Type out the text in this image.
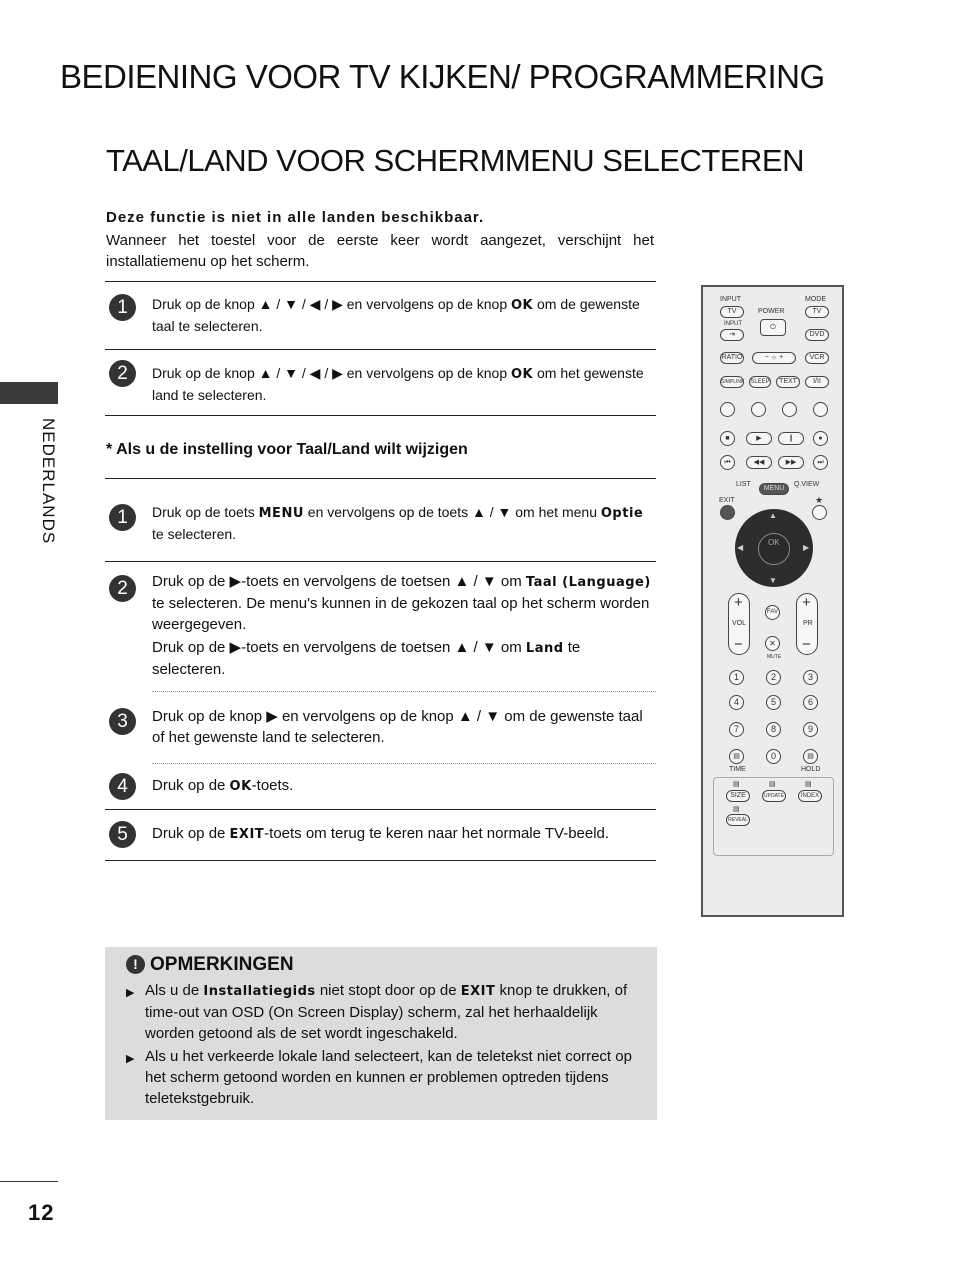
BEDIENING VOOR TV KIJKEN/ PROGRAMMERING
TAAL/LAND VOOR SCHERMMENU SELECTEREN
NEDERLANDS
Deze functie is niet in alle landen beschikbaar.
Wanneer het toestel voor de eerste keer wordt aangezet, verschijnt het installatiemenu op het scherm.
1	Druk op de knop ▲ / ▼ / ◀ / ▶ en vervolgens op de knop OK om de gewenste taal te selecteren.
2	Druk op de knop ▲ / ▼ / ◀ / ▶ en vervolgens op de knop OK om het gewenste land te selecteren.
* Als u de instelling voor Taal/Land wilt wijzigen
1	Druk op de toets MENU en vervolgens op de toets ▲ / ▼ om het menu Optie te selecteren.
2	Druk op de ▶-toets en vervolgens de toetsen ▲ / ▼ om Taal (Language) te selecteren. De menu's kunnen in de gekozen taal op het scherm worden weergegeven.
Druk op de ▶-toets en vervolgens de toetsen ▲ / ▼ om Land te selecteren.
3	Druk op de knop ▶ en vervolgens op de knop ▲ / ▼ om de gewenste taal of het gewenste land te selecteren.
4	Druk op de OK-toets.
5	Druk op de EXIT-toets om terug te keren naar het normale TV-beeld.
! OPMERKINGEN
▶ Als u de Installatiegids niet stopt door op de EXIT knop te drukken, of time-out van OSD (On Screen Display) scherm, zal het herhaaldelijk worden getoond als de set wordt ingeschakeld.
▶ Als u het verkeerde lokale land selecteert, kan de teletekst niet correct op het scherm getoond worden en kunnen er problemen optreden tijdens teletekstgebruik.
12
INPUT	MODE
POWER
TV	TV
⏻
INPUT
⇥	DVD
RATIO	− ☼ +	VCR
SIMPLINK SLEEP	TEXT	I/II
■	▶	❙	●
⏮	◀◀	▶▶	⏭
LIST	Q.VIEW
MENU
EXIT	★
OK
▲
▼
◀	▶
+
VOL
−
+
PR
−
FAV
✕
MUTE
1	2	3
4	5	6
7	8	9
▤	0	▤
TIME	HOLD
▤	▤	▤
SIZE	UPDATE	INDEX
▤
REVEAL
